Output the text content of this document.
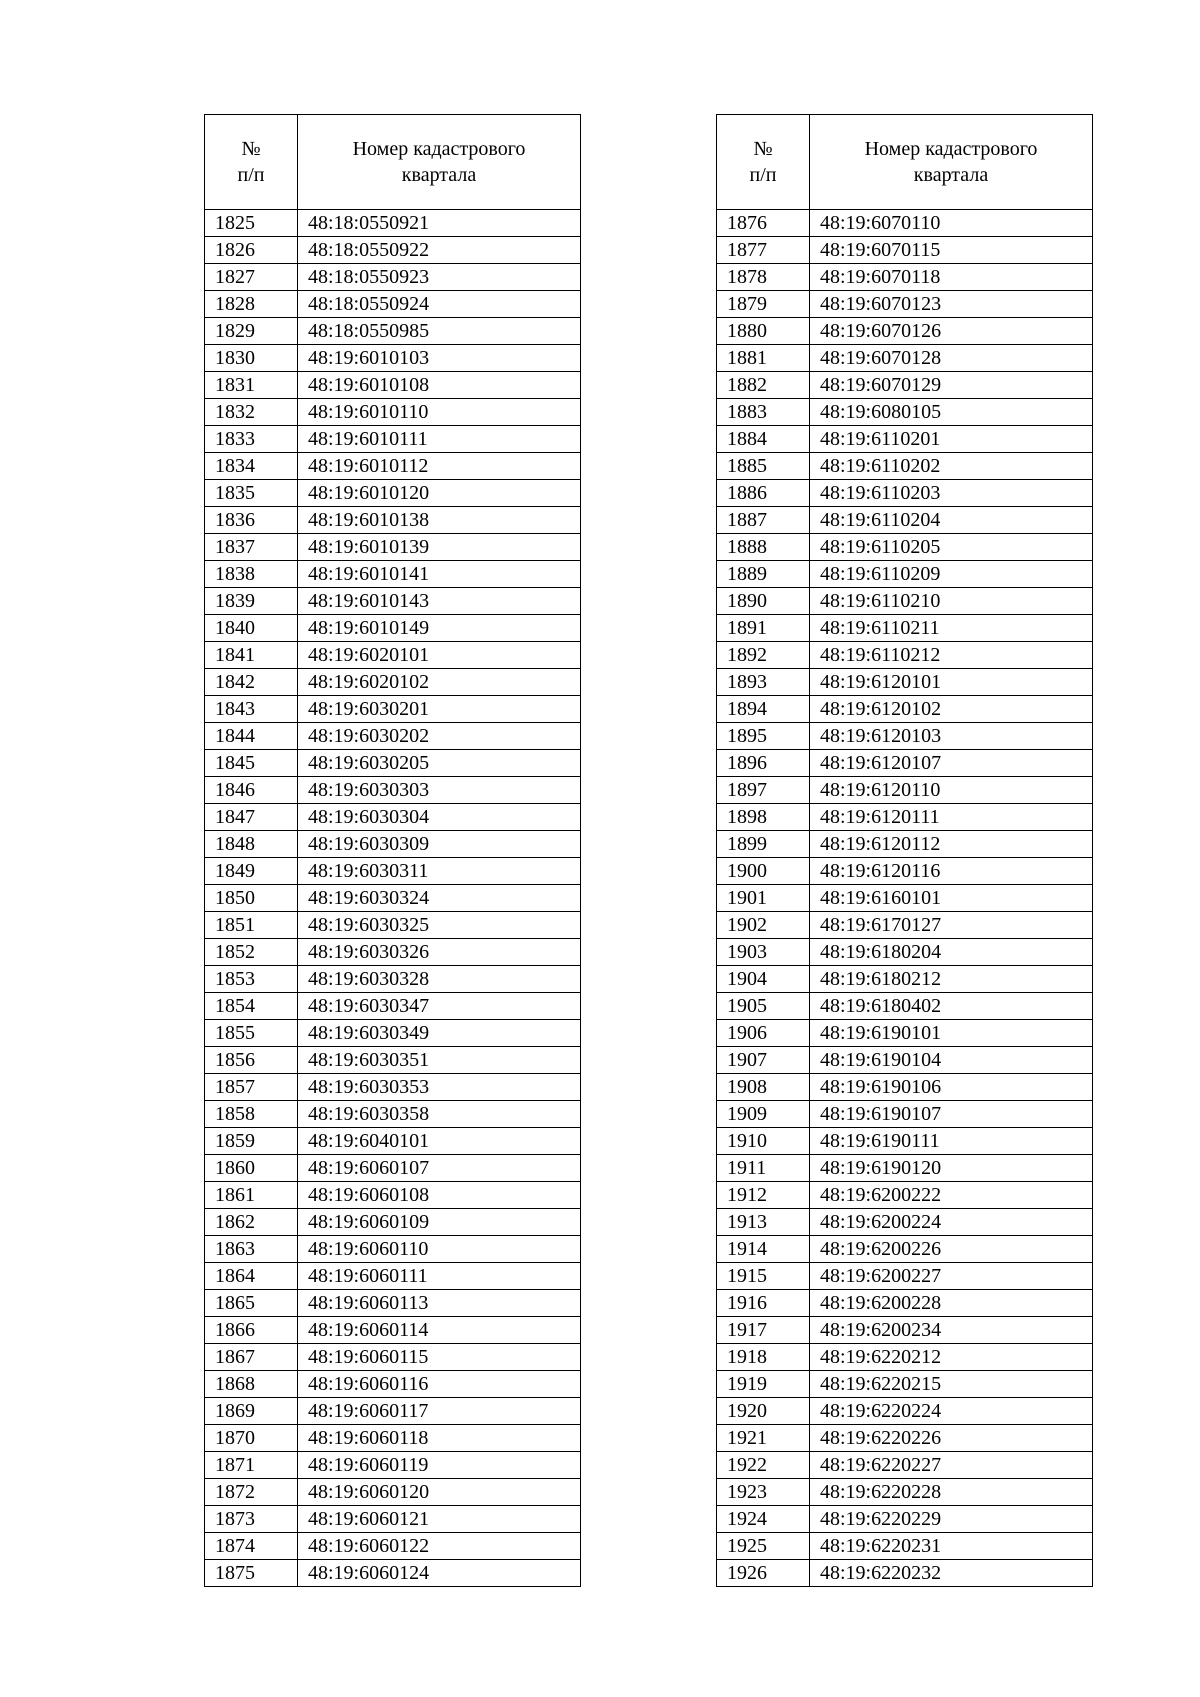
№
п/п	Номер кадастрового
квартала

1825	48:18:0550921
1826	48:18:0550922
1827	48:18:0550923
1828	48:18:0550924
1829	48:18:0550985
1830	48:19:6010103
1831	48:19:6010108
1832	48:19:6010110
1833	48:19:6010111
1834	48:19:6010112
1835	48:19:6010120
1836	48:19:6010138
1837	48:19:6010139
1838	48:19:6010141
1839	48:19:6010143
1840	48:19:6010149
1841	48:19:6020101
1842	48:19:6020102
1843	48:19:6030201
1844	48:19:6030202
1845	48:19:6030205
1846	48:19:6030303
1847	48:19:6030304
1848	48:19:6030309
1849	48:19:6030311
1850	48:19:6030324
1851	48:19:6030325
1852	48:19:6030326
1853	48:19:6030328
1854	48:19:6030347
1855	48:19:6030349
1856	48:19:6030351
1857	48:19:6030353
1858	48:19:6030358
1859	48:19:6040101
1860	48:19:6060107
1861	48:19:6060108
1862	48:19:6060109
1863	48:19:6060110
1864	48:19:6060111
1865	48:19:6060113
1866	48:19:6060114
1867	48:19:6060115
1868	48:19:6060116
1869	48:19:6060117
1870	48:19:6060118
1871	48:19:6060119
1872	48:19:6060120
1873	48:19:6060121
1874	48:19:6060122
1875	48:19:6060124
№
п/п	Номер кадастрового
квартала

1876	48:19:6070110
1877	48:19:6070115
1878	48:19:6070118
1879	48:19:6070123
1880	48:19:6070126
1881	48:19:6070128
1882	48:19:6070129
1883	48:19:6080105
1884	48:19:6110201
1885	48:19:6110202
1886	48:19:6110203
1887	48:19:6110204
1888	48:19:6110205
1889	48:19:6110209
1890	48:19:6110210
1891	48:19:6110211
1892	48:19:6110212
1893	48:19:6120101
1894	48:19:6120102
1895	48:19:6120103
1896	48:19:6120107
1897	48:19:6120110
1898	48:19:6120111
1899	48:19:6120112
1900	48:19:6120116
1901	48:19:6160101
1902	48:19:6170127
1903	48:19:6180204
1904	48:19:6180212
1905	48:19:6180402
1906	48:19:6190101
1907	48:19:6190104
1908	48:19:6190106
1909	48:19:6190107
1910	48:19:6190111
1911	48:19:6190120
1912	48:19:6200222
1913	48:19:6200224
1914	48:19:6200226
1915	48:19:6200227
1916	48:19:6200228
1917	48:19:6200234
1918	48:19:6220212
1919	48:19:6220215
1920	48:19:6220224
1921	48:19:6220226
1922	48:19:6220227
1923	48:19:6220228
1924	48:19:6220229
1925	48:19:6220231
1926	48:19:6220232
